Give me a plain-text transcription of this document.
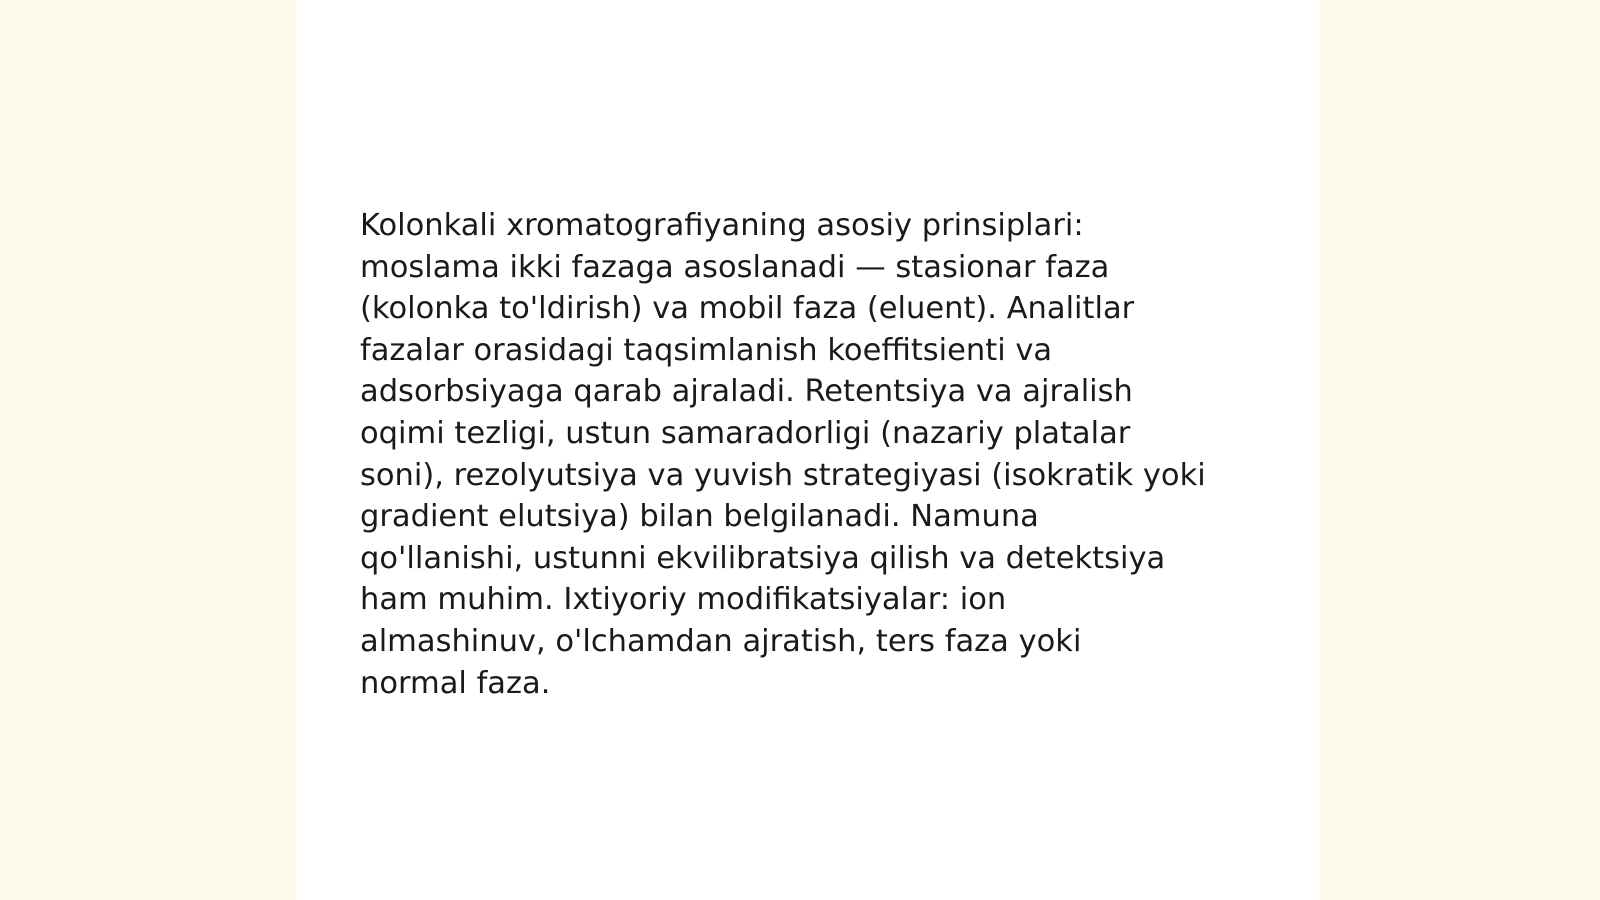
Kolonkali xromatografiyaning asosiy prinsiplari:
moslama ikki fazaga asoslanadi — stasionar faza
(kolonka to'ldirish) va mobil faza (eluent). Analitlar
fazalar orasidagi taqsimlanish koeffitsienti va
adsorbsiyaga qarab ajraladi. Retentsiya va ajralish
oqimi tezligi, ustun samaradorligi (nazariy platalar
soni), rezolyutsiya va yuvish strategiyasi (isokratik yoki
gradient elutsiya) bilan belgilanadi. Namuna
qo'llanishi, ustunni ekvilibratsiya qilish va detektsiya
ham muhim. Ixtiyoriy modifikatsiyalar: ion
almashinuv, o'lchamdan ajratish, ters faza yoki
normal faza.
